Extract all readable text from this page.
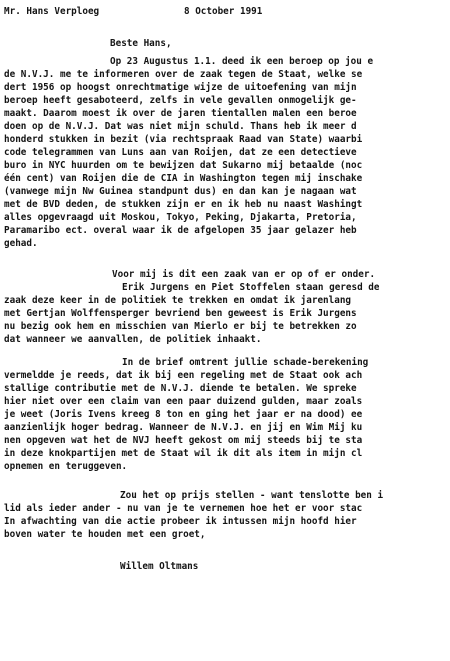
Mr. Hans Verploeg	8 October 1991
Beste Hans,
Op 23 Augustus 1.1. deed ik een beroep op jou e
de N.V.J. me te informeren over de zaak tegen de Staat, welke se
dert 1956 op hoogst onrechtmatige wijze de uitoefening van mijn
beroep heeft gesaboteerd, zelfs in vele gevallen onmogelijk ge-
maakt. Daarom moest ik over de jaren tientallen malen een beroe
doen op de N.V.J. Dat was niet mijn schuld. Thans heb ik meer d
honderd stukken in bezit (via rechtspraak Raad van State) waarbi
code telegrammen van Luns aan van Roijen, dat ze een detectieve
buro in NYC huurden om te bewijzen dat Sukarno mij betaalde (noc
één cent) van Roijen die de CIA in Washington tegen mij inschake
(vanwege mijn Nw Guinea standpunt dus) en dan kan je nagaan wat
met de BVD deden, de stukken zijn er en ik heb nu naast Washingt
alles opgevraagd uit Moskou, Tokyo, Peking, Djakarta, Pretoria,
Paramaribo ect. overal waar ik de afgelopen 35 jaar gelazer heb
gehad.
Voor mij is dit een zaak van er op of er onder.
Erik Jurgens en Piet Stoffelen staan geresd de
zaak deze keer in de politiek te trekken en omdat ik jarenlang
met Gertjan Wolffensperger bevriend ben geweest is Erik Jurgens
nu bezig ook hem en misschien van Mierlo er bij te betrekken zo
dat wanneer we aanvallen, de politiek inhaakt.
In de brief omtrent jullie schade-berekening
vermeldde je reeds, dat ik bij een regeling met de Staat ook ach
stallige contributie met de N.V.J. diende te betalen. We spreke
hier niet over een claim van een paar duizend gulden, maar zoals
je weet (Joris Ivens kreeg 8 ton en ging het jaar er na dood) ee
aanzienlijk hoger bedrag. Wanneer de N.V.J. en jij en Wim Mij ku
nen opgeven wat het de NVJ heeft gekost om mij steeds bij te sta
in deze knokpartijen met de Staat wil ik dit als item in mijn cl
opnemen en teruggeven.
Zou het op prijs stellen - want tenslotte ben i
lid als ieder ander - nu van je te vernemen hoe het er voor stac
In afwachting van die actie probeer ik intussen mijn hoofd hier
boven water te houden met een groet,
Willem Oltmans
